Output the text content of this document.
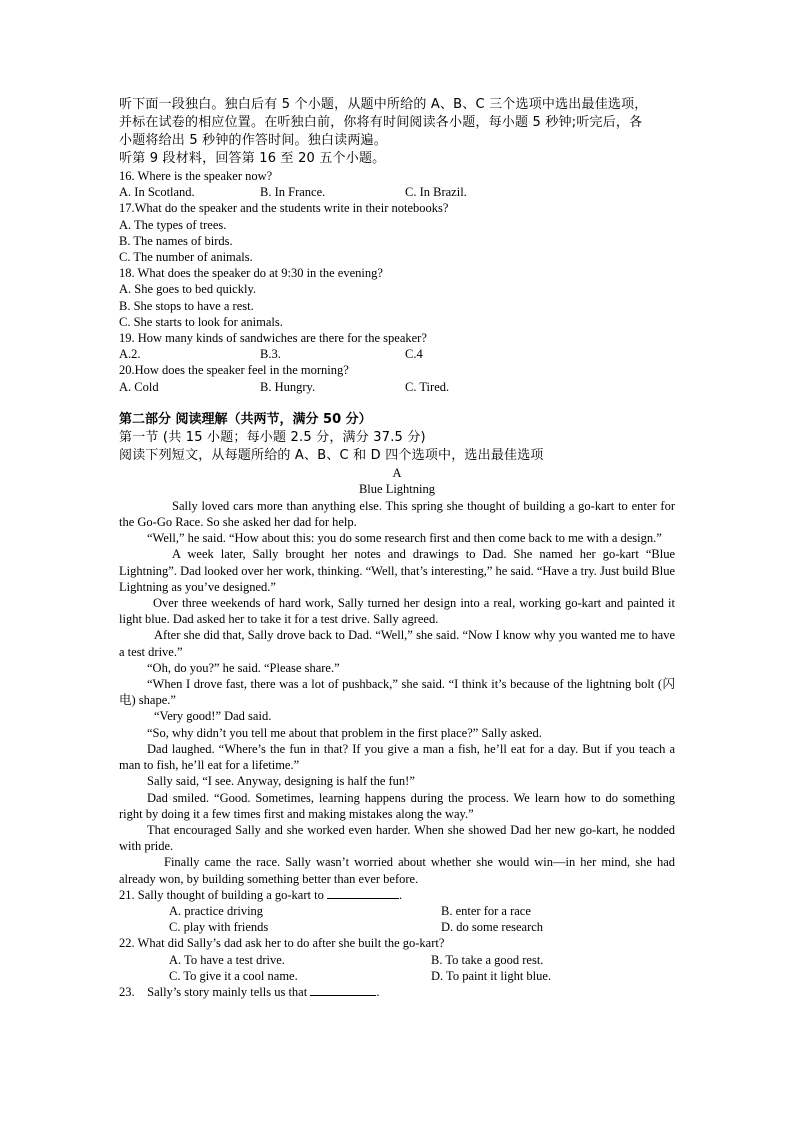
听下面一段独白。独白后有 5 个小题，从题中所给的 A、B、C 三个选项中选出最佳选项，
并标在试卷的相应位置。在听独白前，你将有时间阅读各小题，每小题 5 秒钟;听完后，各
小题将给出 5 秒钟的作答时间。独白读两遍。
听第 9 段材料，回答第 16 至 20 五个小题。
16. Where is the speaker now?
A. In Scotland.	B. In France.	C. In Brazil.
17.What do the speaker and the students write in their notebooks?
A. The types of trees.
B. The names of birds.
C. The number of animals.
18. What does the speaker do at 9:30 in the evening?
A. She goes to bed quickly.
B. She stops to have a rest.
C. She starts to look for animals.
19. How many kinds of sandwiches are there for the speaker?
A.2.	B.3.	C.4
20.How does the speaker feel in the morning?
A. Cold	B. Hungry.	C. Tired.
第二部分 阅读理解（共两节，满分 50 分）
第一节 (共 15 小题；每小题 2.5 分，满分 37.5 分)
阅读下列短文，从每题所给的 A、B、C 和 D 四个选项中，选出最佳选项
A
Blue Lightning

Sally loved cars more than anything else. This spring she thought of building a go-kart to enter for the Go-Go Race. So she asked her dad for help.

“Well,” he said. “How about this: you do some research first and then come back to me with a design.”

A week later, Sally brought her notes and drawings to Dad. She named her go-kart “Blue Lightning”. Dad looked over her work, thinking. “Well, that’s interesting,” he said. “Have a try. Just build Blue Lightning as you’ve designed.”

Over three weekends of hard work, Sally turned her design into a real, working go-kart and painted it light blue. Dad asked her to take it for a test drive. Sally agreed.

After she did that, Sally drove back to Dad. “Well,” she said. “Now I know why you wanted me to have a test drive.”

“Oh, do you?” he said. “Please share.”

“When I drove fast, there was a lot of pushback,” she said. “I think it’s because of the lightning bolt (闪电) shape.”

“Very good!” Dad said.

“So, why didn’t you tell me about that problem in the first place?” Sally asked.

Dad laughed. “Where’s the fun in that? If you give a man a fish, he’ll eat for a day. But if you teach a man to fish, he’ll eat for a lifetime.”

Sally said, “I see. Anyway, designing is half the fun!”

Dad smiled. “Good. Sometimes, learning happens during the process. We learn how to do something right by doing it a few times first and making mistakes along the way.”

That encouraged Sally and she worked even harder. When she showed Dad her new go-kart, he nodded with pride.

Finally came the race. Sally wasn’t worried about whether she would win—in her mind, she had already won, by building something better than ever before.

21. Sally thought of building a go-kart to	.
A. practice driving	B. enter for a race
C. play with friends	D. do some research
22. What did Sally’s dad ask her to do after she built the go-kart?
A. To have a test drive.	B. To take a good rest.
C. To give it a cool name.	D. To paint it light blue.
23.    Sally’s story mainly tells us that	.
